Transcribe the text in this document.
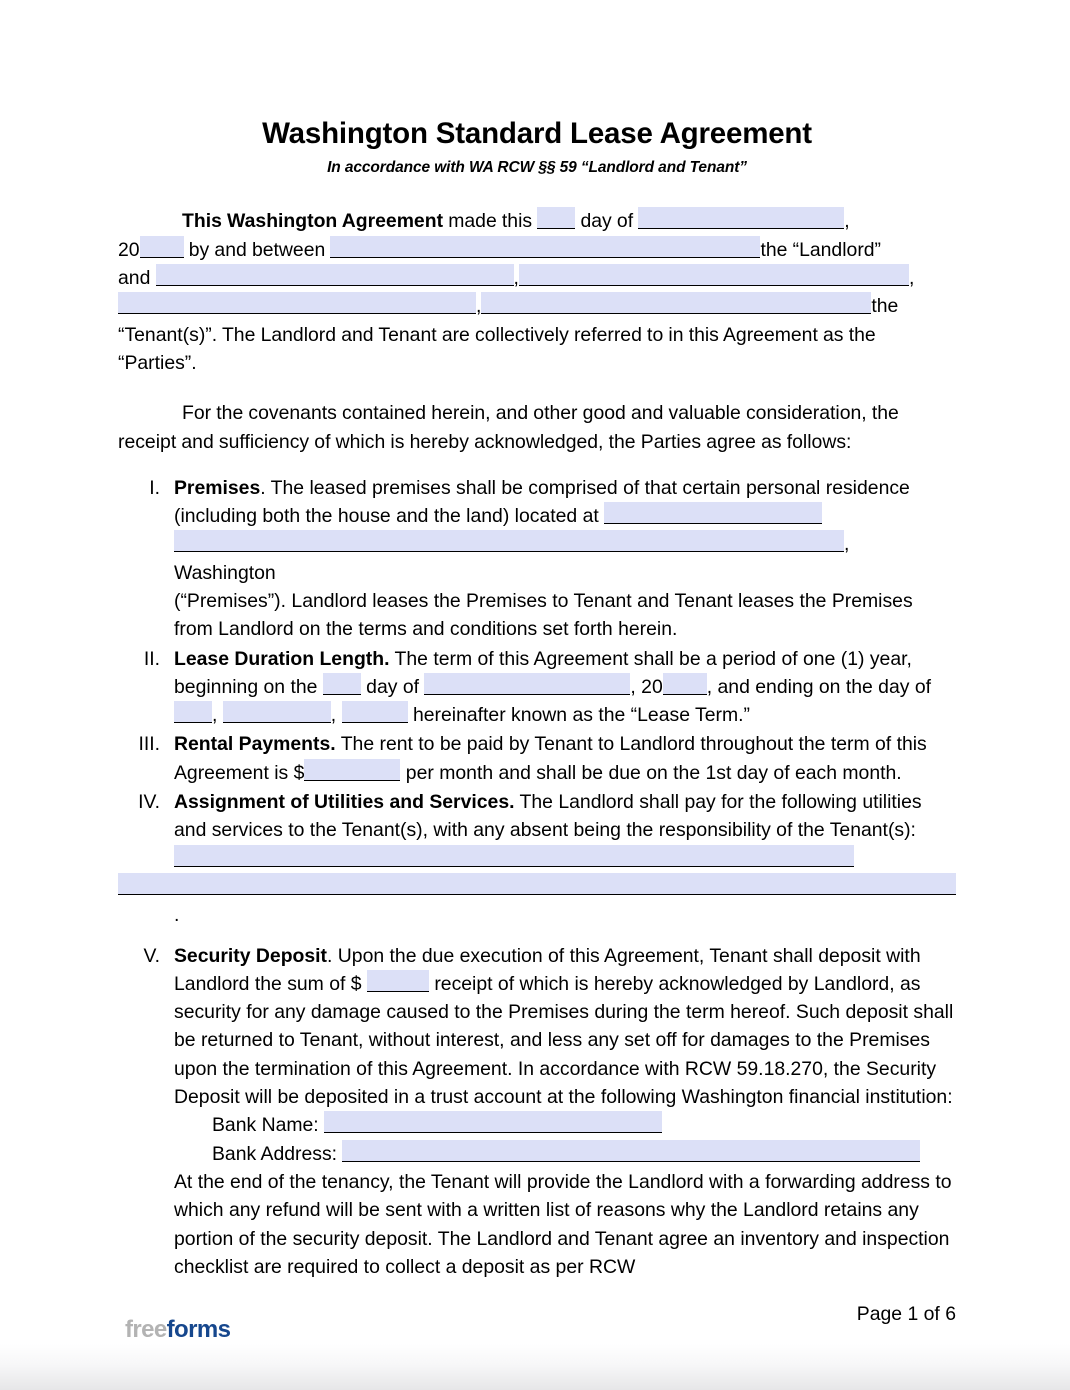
Washington Standard Lease Agreement
In accordance with WA RCW §§ 59 “Landlord and Tenant”
This Washington Agreement made this  day of	,
20 by and between	the “Landlord”
and	,	,
,	the
“Tenant(s)”. The Landlord and Tenant are collectively referred to in this Agreement as the “Parties”.
For the covenants contained herein, and other good and valuable consideration, the receipt and sufficiency of which is hereby acknowledged, the Parties agree as follows:
I. Premises. The leased premises shall be comprised of that certain personal residence (including both the house and the land) located at , Washington
(“Premises”). Landlord leases the Premises to Tenant and Tenant leases the Premises from Landlord on the terms and conditions set forth herein.
II. Lease Duration Length. The term of this Agreement shall be a period of one (1) year, beginning on the  day of	, 20 , and ending on the day of ,	,	hereinafter known as the “Lease Term.”
III. Rental Payments. The rent to be paid by Tenant to Landlord throughout the term of this Agreement is $	per month and shall be due on the 1st day of each month.
IV. Assignment of Utilities and Services. The Landlord shall pay for the following utilities and services to the Tenant(s), with any absent being the responsibility of the Tenant(s): .
V. Security Deposit. Upon the due execution of this Agreement, Tenant shall deposit with Landlord the sum of $	receipt of which is hereby acknowledged by Landlord, as security for any damage caused to the Premises during the term hereof. Such deposit shall be returned to Tenant, without interest, and less any set off for damages to the Premises upon the termination of this Agreement. In accordance with RCW 59.18.270, the Security Deposit will be deposited in a trust account at the following Washington financial institution:
Bank Name:
Bank Address:
At the end of the tenancy, the Tenant will provide the Landlord with a forwarding address to which any refund will be sent with a written list of reasons why the Landlord retains any portion of the security deposit. The Landlord and Tenant agree an inventory and inspection checklist are required to collect a deposit as per RCW
freeforms
Page 1 of 6
